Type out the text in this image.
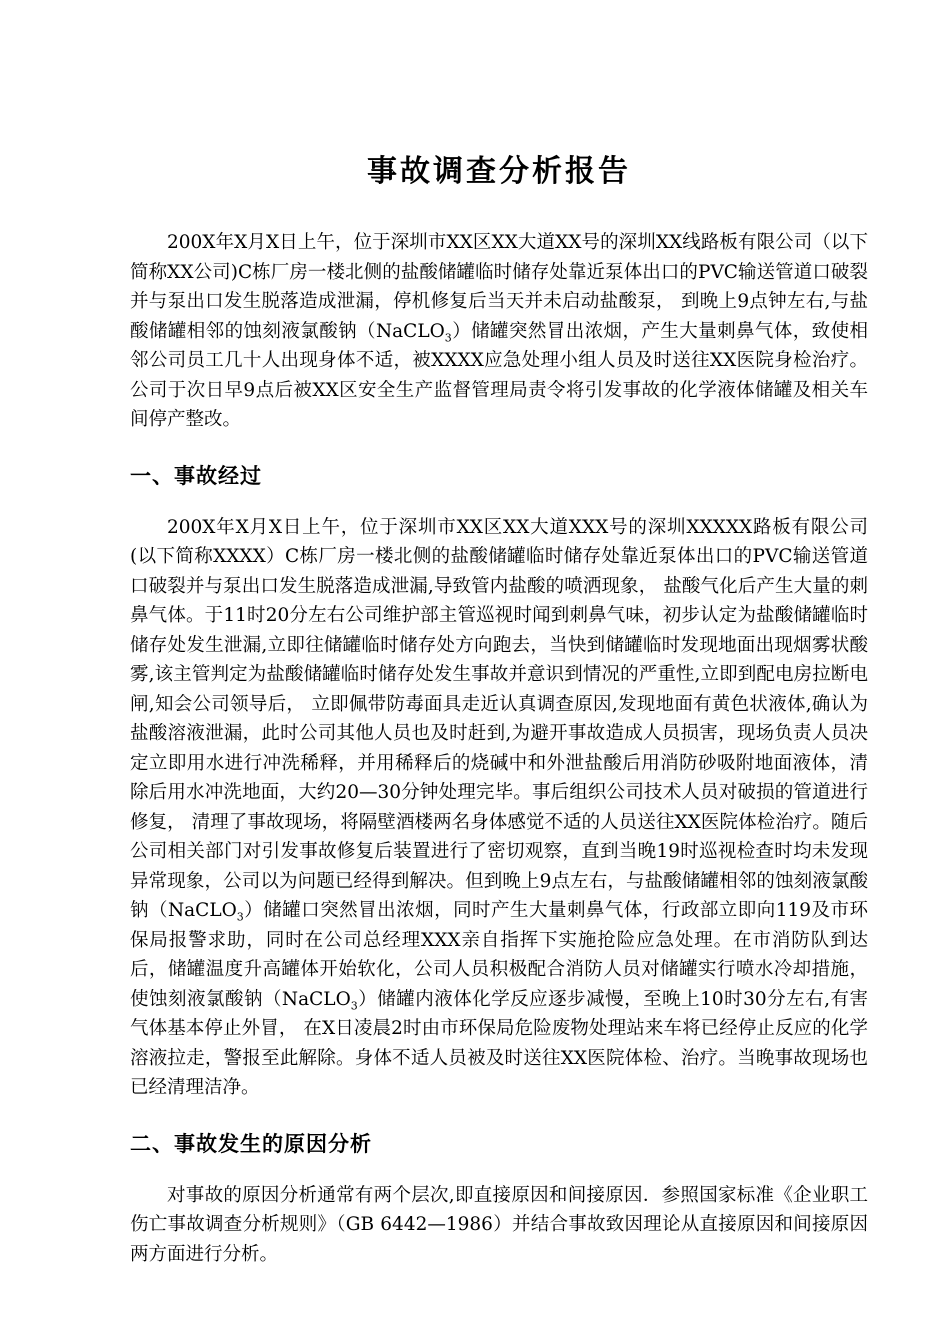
事故调查分析报告

200X年X月X日上午，位于深圳市XX区XX大道XX号的深圳XX线路板有限公司（以下简称XX公司)C栋厂房一楼北侧的盐酸储罐临时储存处靠近泵体出口的PVC输送管道口破裂并与泵出口发生脱落造成泄漏，停机修复后当天并未启动盐酸泵， 到晚上9点钟左右,与盐酸储罐相邻的蚀刻液氯酸钠（NaCLO$_3$）储罐突然冒出浓烟，产生大量刺鼻气体，致使相邻公司员工几十人出现身体不适，被XXXX应急处理小组人员及时送往XX医院身检治疗。公司于次日早9点后被XX区安全生产监督管理局责令将引发事故的化学液体储罐及相关车间停产整改。

一、事故经过

200X年X月X日上午，位于深圳市XX区XX大道XXX号的深圳XXXXX路板有限公司(以下简称XXXX）C栋厂房一楼北侧的盐酸储罐临时储存处靠近泵体出口的PVC输送管道口破裂并与泵出口发生脱落造成泄漏,导致管内盐酸的喷洒现象， 盐酸气化后产生大量的刺鼻气体。于11时20分左右公司维护部主管巡视时闻到刺鼻气味，初步认定为盐酸储罐临时储存处发生泄漏,立即往储罐临时储存处方向跑去，当快到储罐临时发现地面出现烟雾状酸雾,该主管判定为盐酸储罐临时储存处发生事故并意识到情况的严重性,立即到配电房拉断电闸,知会公司领导后， 立即佩带防毒面具走近认真调查原因,发现地面有黄色状液体,确认为盐酸溶液泄漏，此时公司其他人员也及时赶到,为避开事故造成人员损害，现场负责人员决定立即用水进行冲洗稀释，并用稀释后的烧碱中和外泄盐酸后用消防砂吸附地面液体，清除后用水冲洗地面，大约20—30分钟处理完毕。事后组织公司技术人员对破损的管道进行修复， 清理了事故现场，将隔壁酒楼两名身体感觉不适的人员送往XX医院体检治疗。随后公司相关部门对引发事故修复后装置进行了密切观察，直到当晚19时巡视检查时均未发现异常现象，公司以为问题已经得到解决。但到晚上9点左右，与盐酸储罐相邻的蚀刻液氯酸钠（NaCLO$_3$）储罐口突然冒出浓烟，同时产生大量刺鼻气体，行政部立即向119及市环保局报警求助，同时在公司总经理XXX亲自指挥下实施抢险应急处理。在市消防队到达后，储罐温度升高罐体开始软化，公司人员积极配合消防人员对储罐实行喷水冷却措施，使蚀刻液氯酸钠（NaCLO$_3$）储罐内液体化学反应逐步减慢，至晚上10时30分左右,有害气体基本停止外冒， 在X日凌晨2时由市环保局危险废物处理站来车将已经停止反应的化学溶液拉走，警报至此解除。身体不适人员被及时送往XX医院体检、治疗。当晚事故现场也已经清理洁净。

二、事故发生的原因分析

对事故的原因分析通常有两个层次,即直接原因和间接原因．参照国家标准《企业职工伤亡事故调查分析规则》（GB 6442—1986）并结合事故致因理论从直接原因和间接原因两方面进行分析。
